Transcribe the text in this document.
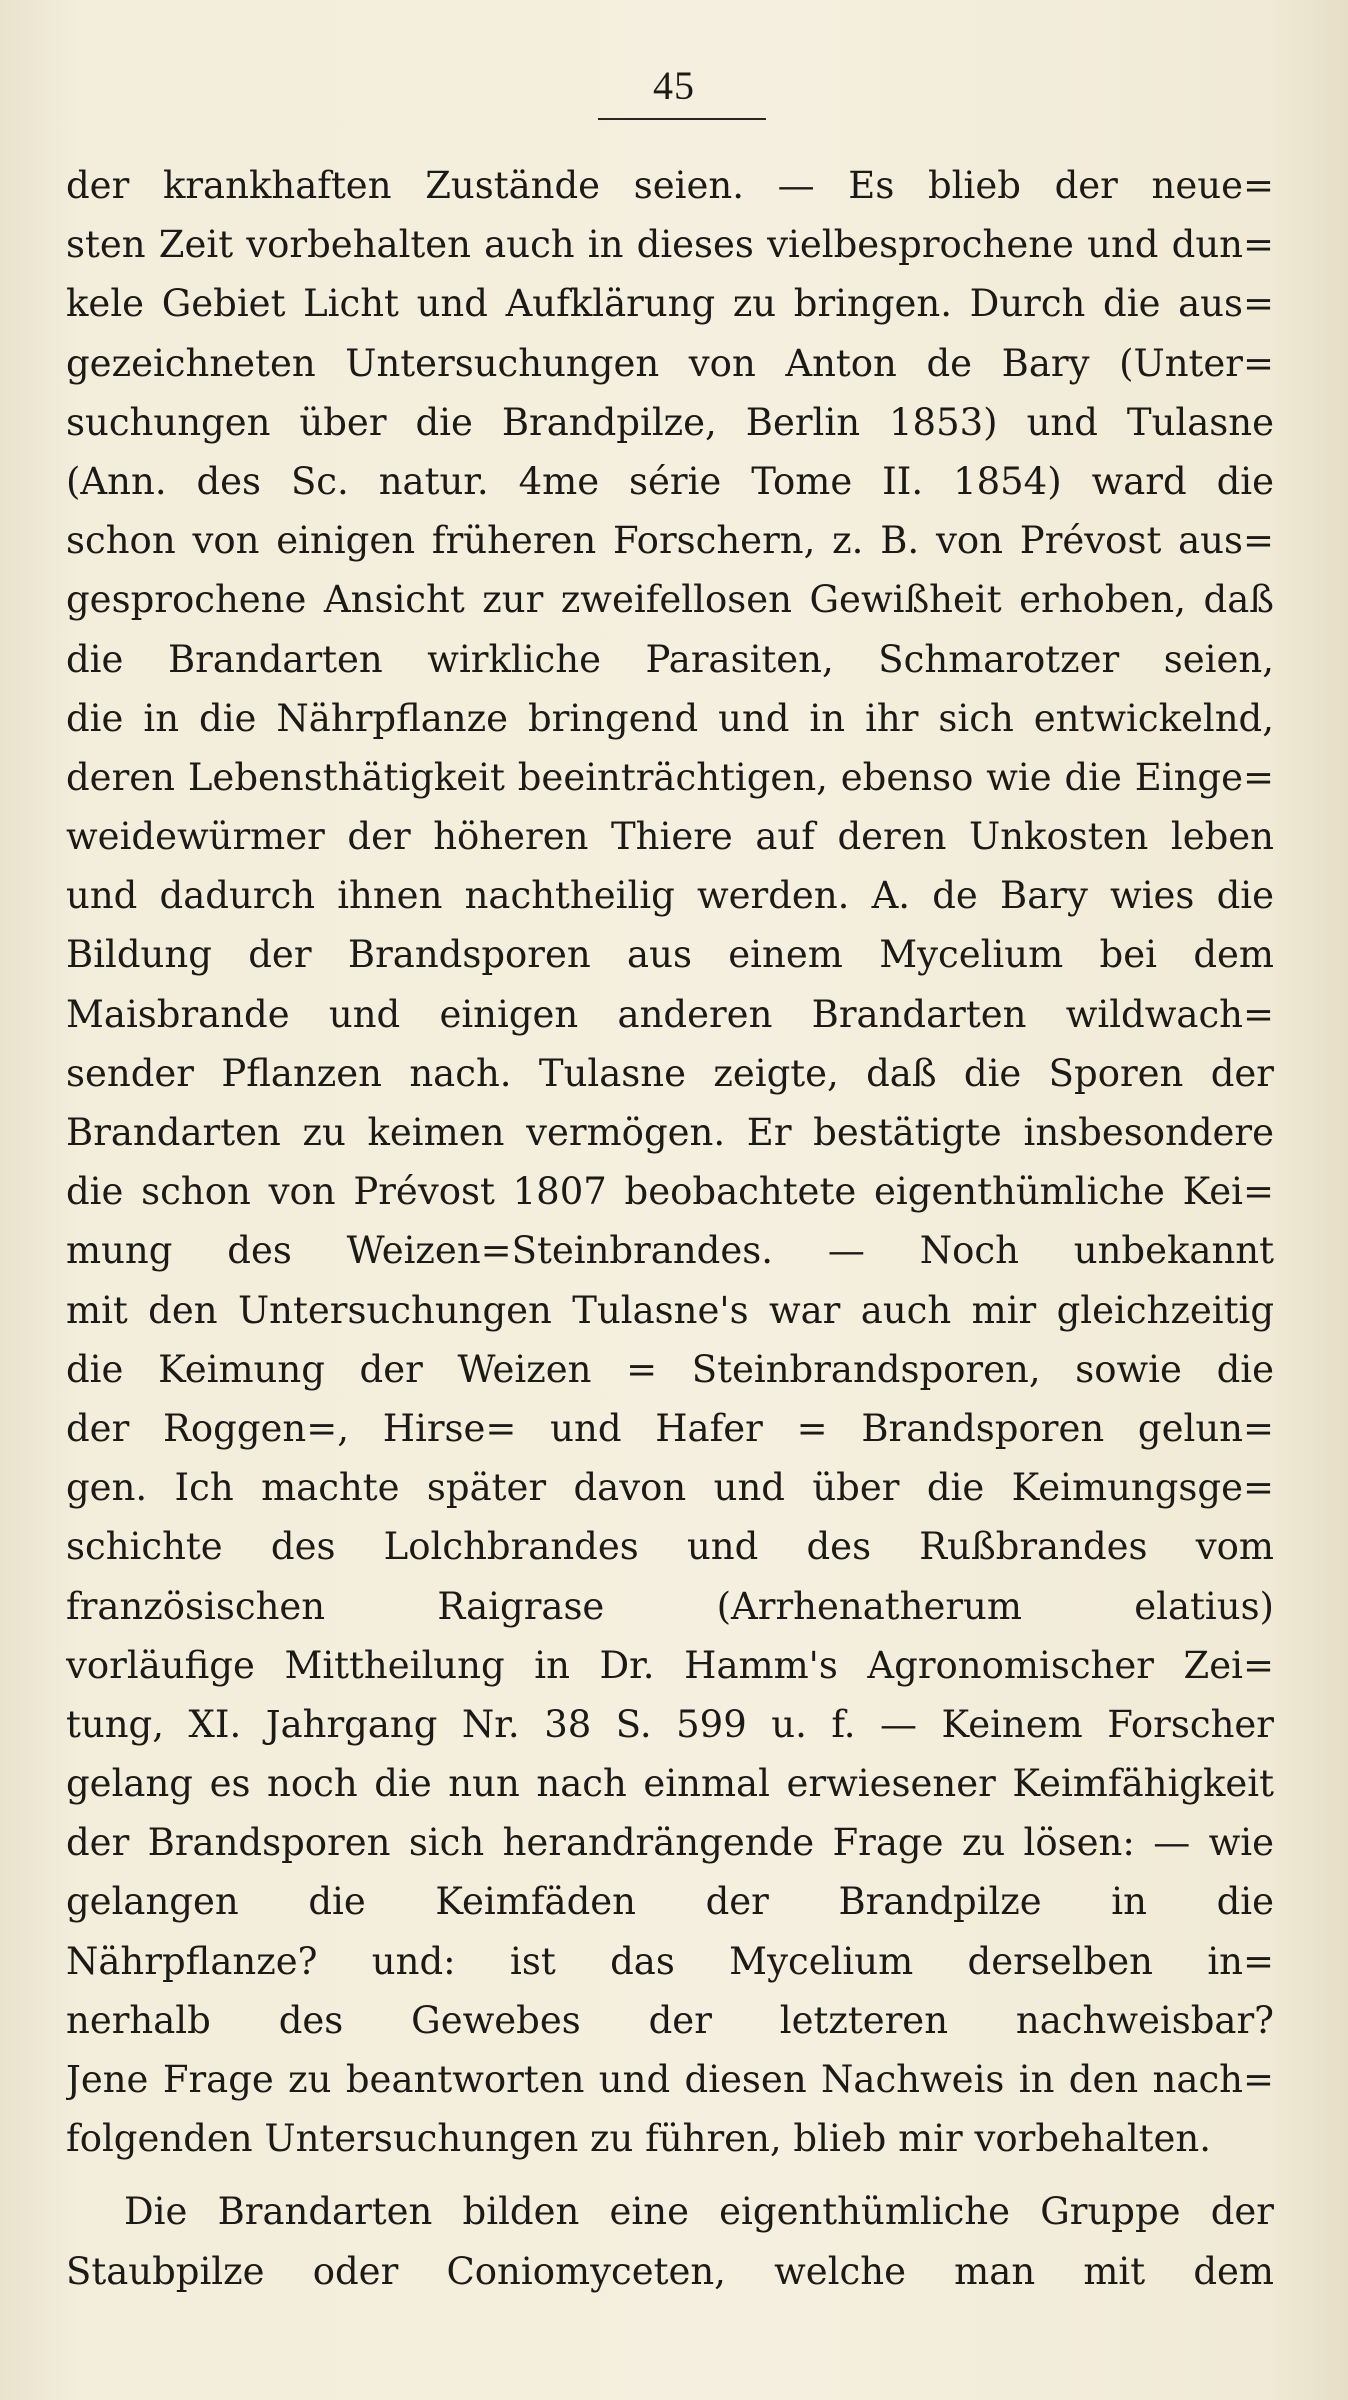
45
der krankhaften Zustände seien. — Es blieb der neue=
sten Zeit vorbehalten auch in dieses vielbesprochene und dun=
kele Gebiet Licht und Aufklärung zu bringen. Durch die aus=
gezeichneten Untersuchungen von Anton de Bary (Unter=
suchungen über die Brandpilze, Berlin 1853) und Tulasne
(Ann. des Sc. natur. 4me série Tome II. 1854) ward die
schon von einigen früheren Forschern, z. B. von Prévost aus=
gesprochene Ansicht zur zweifellosen Gewißheit erhoben, daß
die Brandarten wirkliche Parasiten, Schmarotzer seien,
die in die Nährpflanze bringend und in ihr sich entwickelnd,
deren Lebensthätigkeit beeinträchtigen, ebenso wie die Einge=
weidewürmer der höheren Thiere auf deren Unkosten leben
und dadurch ihnen nachtheilig werden. A. de Bary wies die
Bildung der Brandsporen aus einem Mycelium bei dem
Maisbrande und einigen anderen Brandarten wildwach=
sender Pflanzen nach. Tulasne zeigte, daß die Sporen der
Brandarten zu keimen vermögen. Er bestätigte insbesondere
die schon von Prévost 1807 beobachtete eigenthümliche Kei=
mung des Weizen=Steinbrandes. — Noch unbekannt
mit den Untersuchungen Tulasne's war auch mir gleichzeitig
die Keimung der Weizen = Steinbrandsporen, sowie die
der Roggen=, Hirse= und Hafer = Brandsporen gelun=
gen. Ich machte später davon und über die Keimungsge=
schichte des Lolchbrandes und des Rußbrandes vom
französischen Raigrase (Arrhenatherum elatius)
vorläufige Mittheilung in Dr. Hamm's Agronomischer Zei=
tung, XI. Jahrgang Nr. 38 S. 599 u. f. — Keinem Forscher
gelang es noch die nun nach einmal erwiesener Keimfähigkeit
der Brandsporen sich herandrängende Frage zu lösen: — wie
gelangen die Keimfäden der Brandpilze in die
Nährpflanze? und: ist das Mycelium derselben in=
nerhalb des Gewebes der letzteren nachweisbar?
Jene Frage zu beantworten und diesen Nachweis in den nach=
folgenden Untersuchungen zu führen, blieb mir vorbehalten.
Die Brandarten bilden eine eigenthümliche Gruppe der
Staubpilze oder Coniomyceten, welche man mit dem
